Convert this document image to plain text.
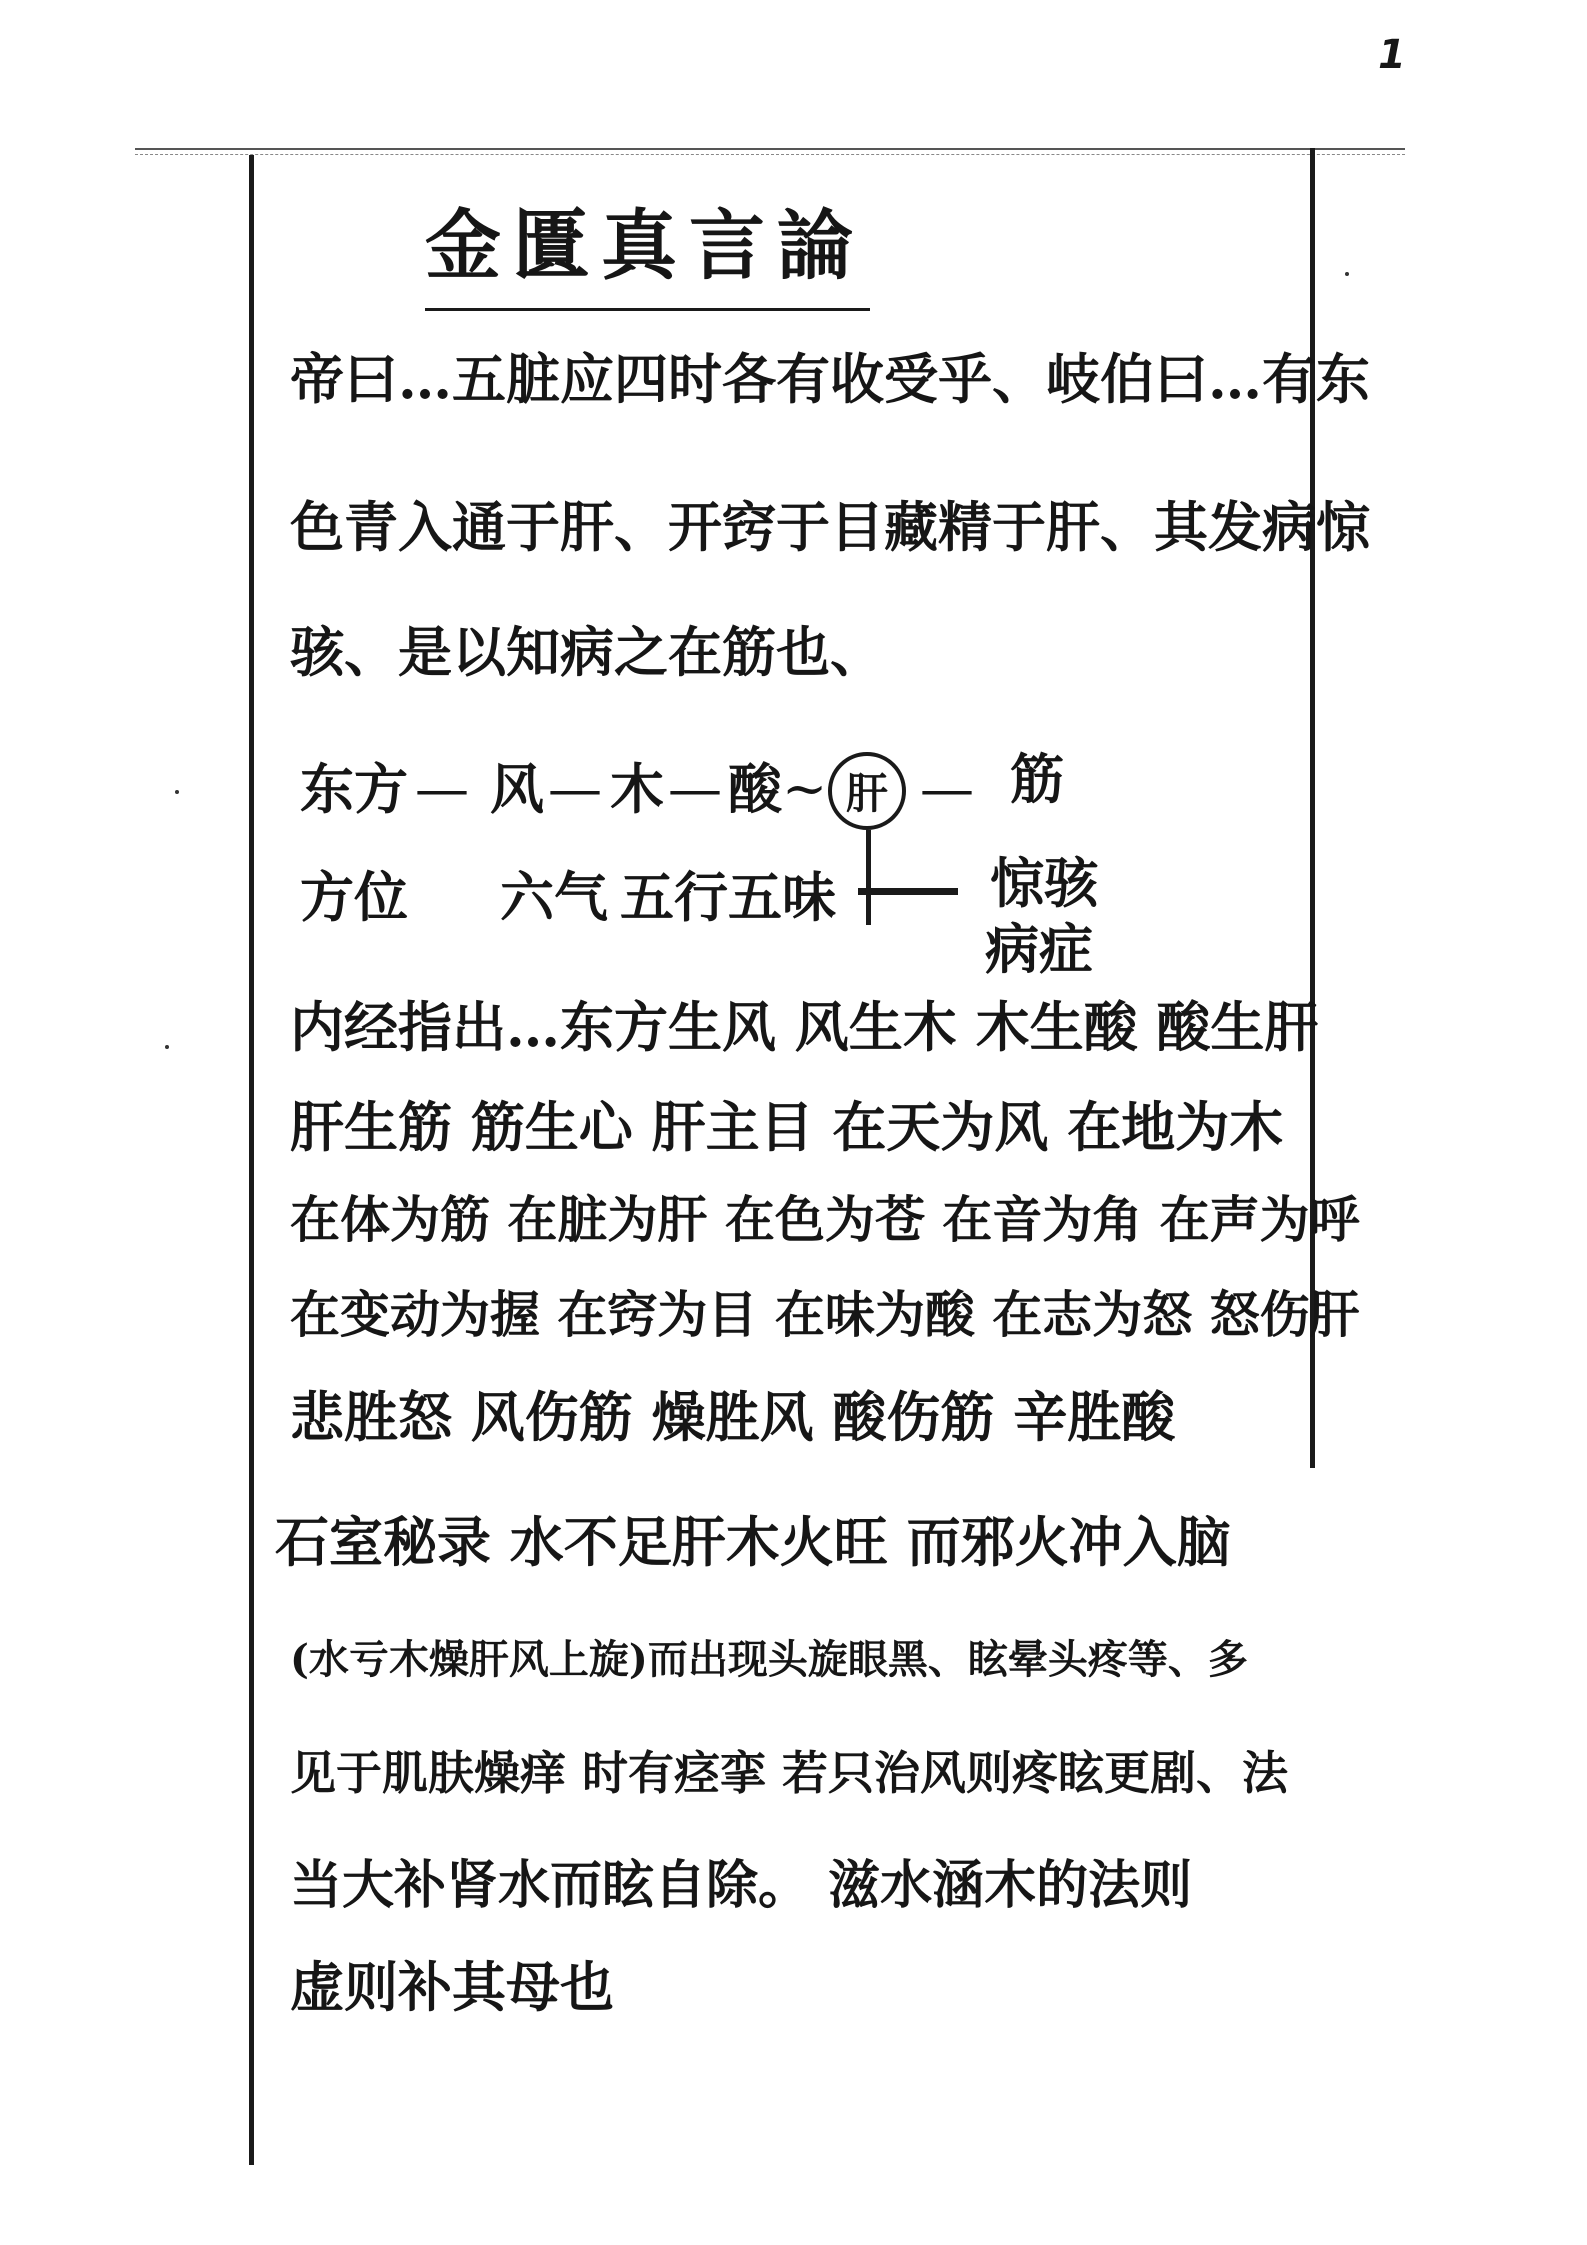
1
金匱真言論

帝曰…五脏应四时各有收受乎、岐伯曰…有东

色青入通于肝、开窍于目藏精于肝、其发病惊

骇、是以知病之在筋也、

东方 — 风 — 木 — 酸 ~ 肝 — 筋
方位 六气 五行 五味	惊骇
病症

内经指出…东方生风 风生木 木生酸 酸生肝

肝生筋 筋生心 肝主目 在天为风 在地为木

在体为筋 在脏为肝 在色为苍 在音为角 在声为呼

在变动为握 在窍为目 在味为酸 在志为怒 怒伤肝

悲胜怒 风伤筋 燥胜风 酸伤筋 辛胜酸

石室秘录 水不足肝木火旺 而邪火冲入脑

(水亏木燥肝风上旋)而出现头旋眼黑、眩晕头疼等、多

见于肌肤燥痒 时有痉挛 若只治风则疼眩更剧、法

当大补肾水而眩自除。 滋水涵木的法则

虚则补其母也
